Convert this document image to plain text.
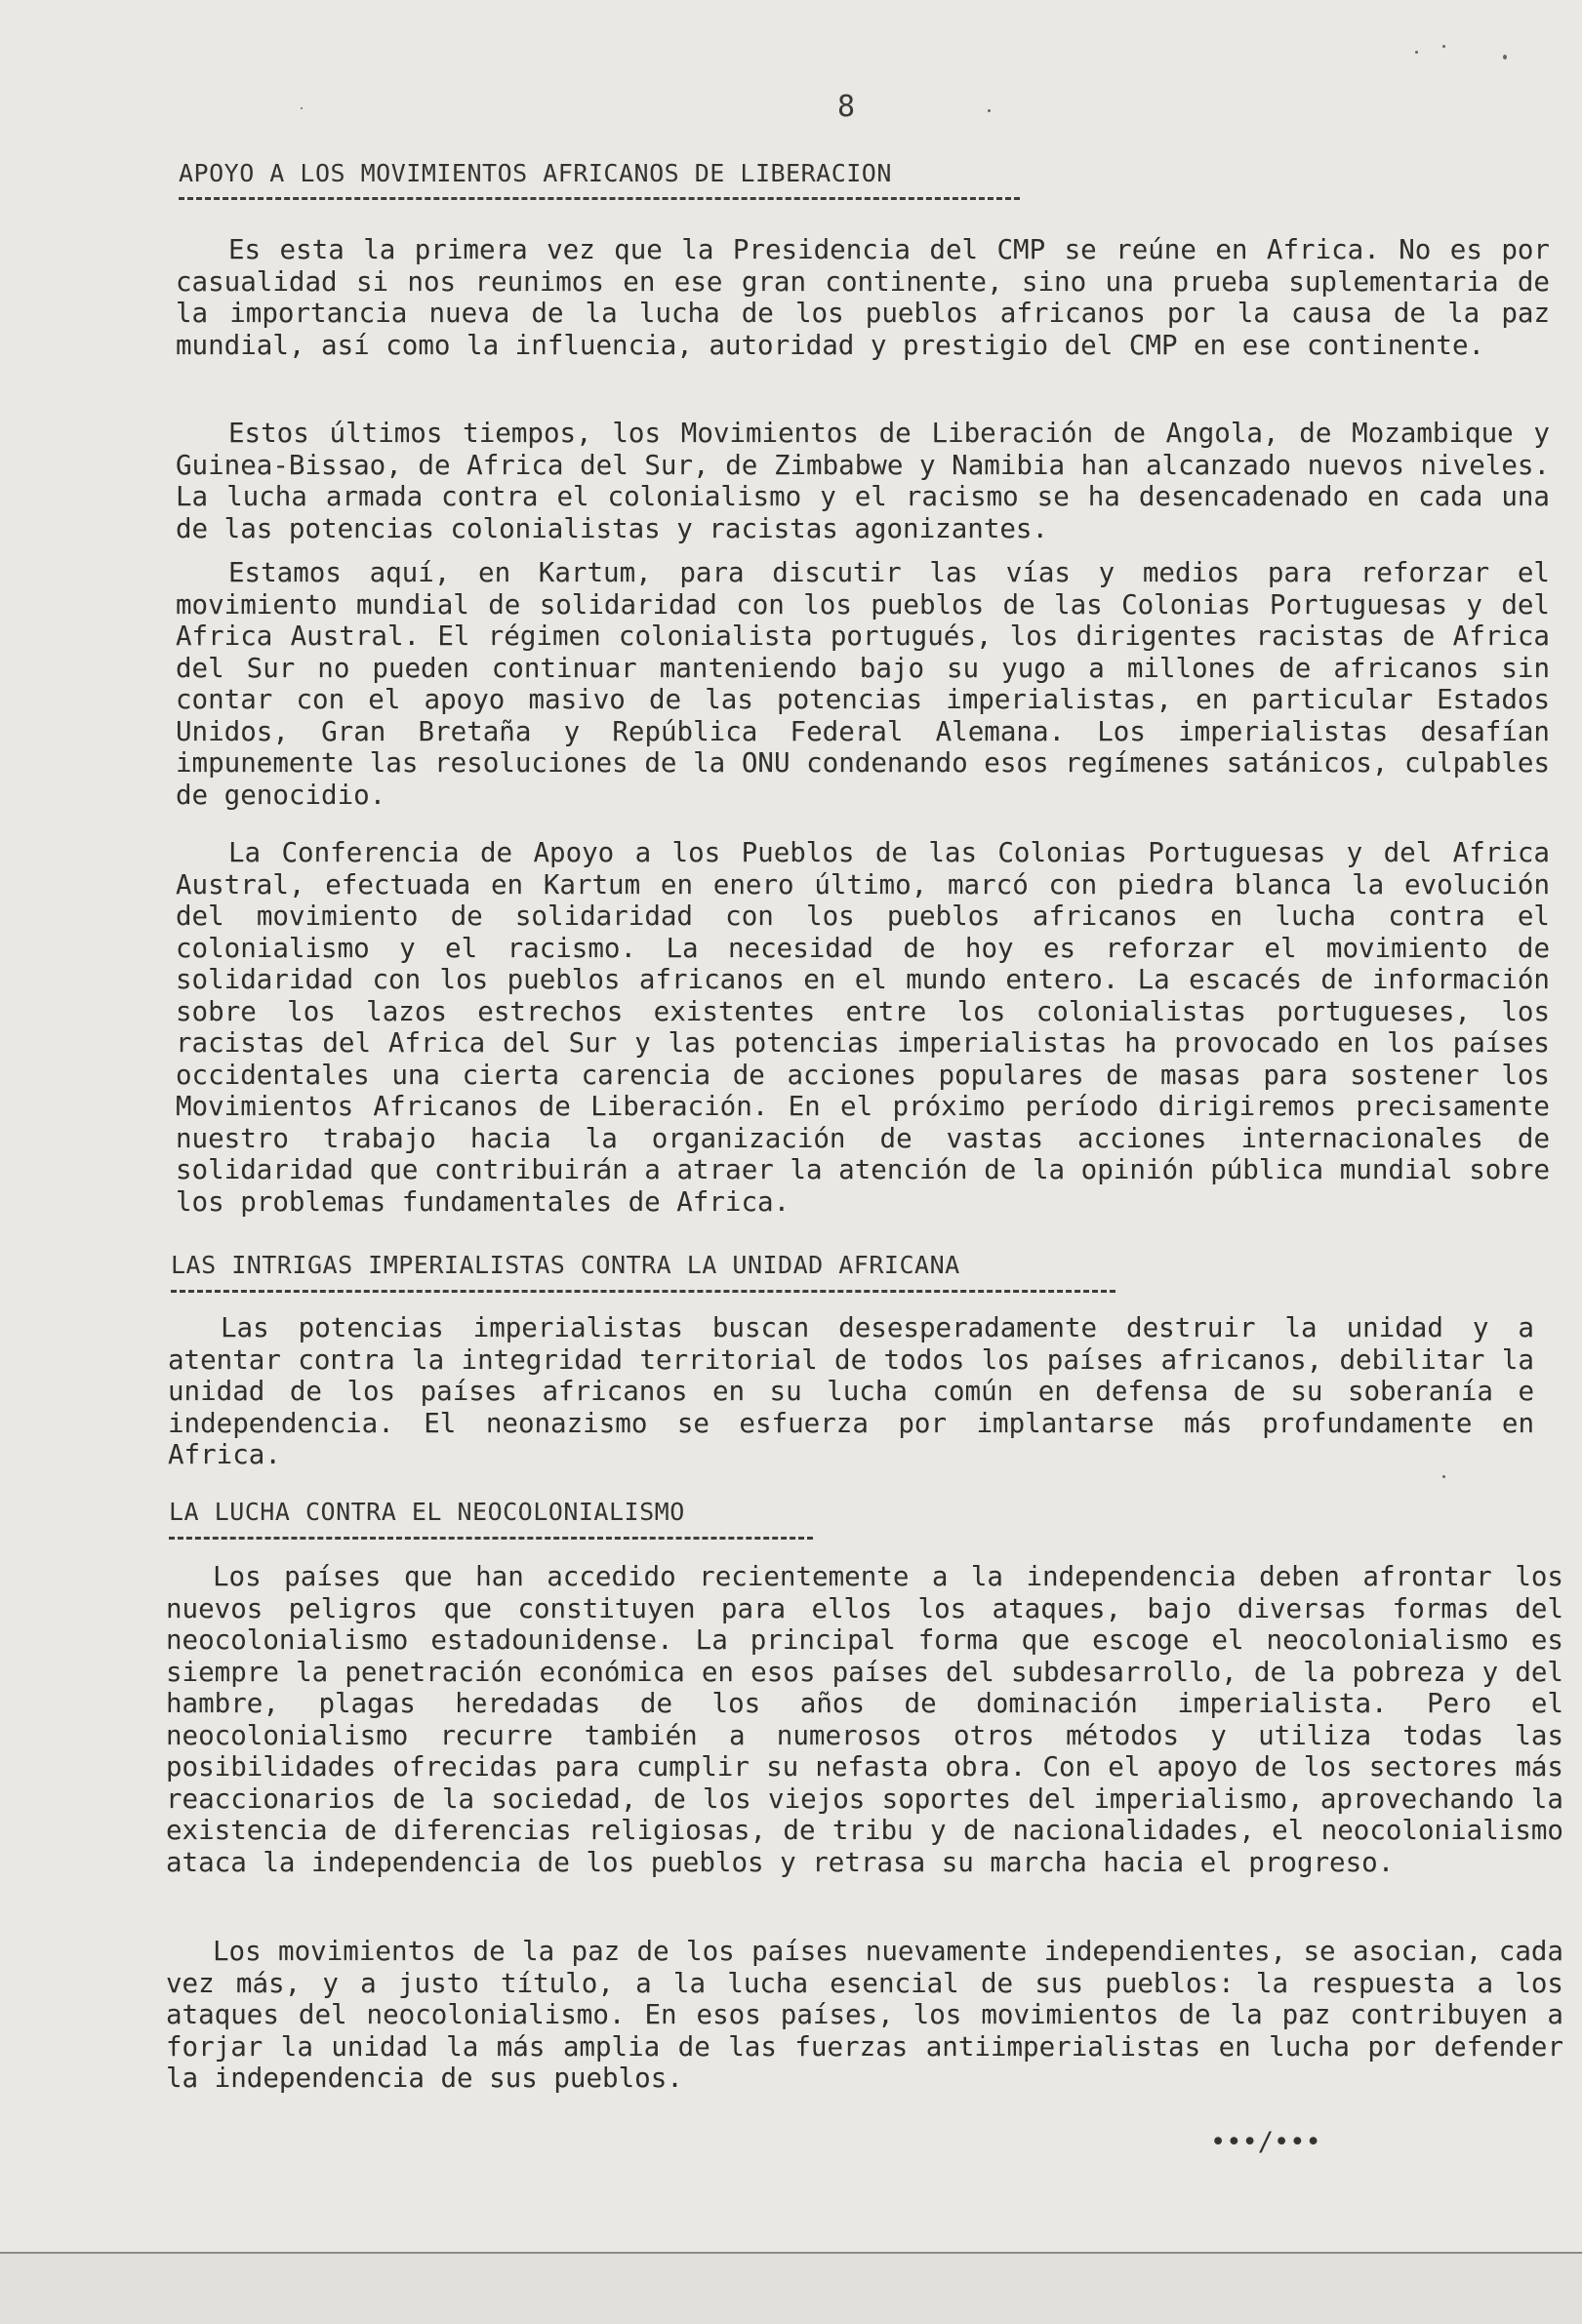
8
APOYO A LOS MOVIMIENTOS AFRICANOS DE LIBERACION

Es esta la primera vez que la Presidencia del CMP se reúne en Africa. No es por casualidad si nos reunimos en ese gran continente, sino una prueba suplementaria de la importancia nueva de la lucha de los pueblos africanos por la causa de la paz mundial, así como la influencia, autoridad y prestigio del CMP en ese continente.

Estos últimos tiempos, los Movimientos de Liberación de Angola, de Mozambique y Guinea-Bissao, de Africa del Sur, de Zimbabwe y Namibia han alcanzado nuevos niveles. La lucha armada contra el colonialismo y el racismo se ha desencadenado en cada una de las potencias colonialistas y racistas agonizantes.

Estamos aquí, en Kartum, para discutir las vías y medios para reforzar el movimiento mundial de solidaridad con los pueblos de las Colonias Portuguesas y del Africa Austral. El régimen colonialista portugués, los dirigentes racistas de Africa del Sur no pueden continuar manteniendo bajo su yugo a millones de africanos sin contar con el apoyo masivo de las potencias imperialistas, en particular Estados Unidos, Gran Bretaña y República Federal Alemana. Los imperialistas desafían impunemente las resoluciones de la ONU condenando esos regímenes satánicos, culpables de genocidio.

La Conferencia de Apoyo a los Pueblos de las Colonias Portuguesas y del Africa Austral, efectuada en Kartum en enero último, marcó con piedra blanca la evolución del movimiento de solidaridad con los pueblos africanos en lucha contra el colonialismo y el racismo. La necesidad de hoy es reforzar el movimiento de solidaridad con los pueblos africanos en el mundo entero. La escacés de información sobre los lazos estrechos existentes entre los colonialistas portugueses, los racistas del Africa del Sur y las potencias imperialistas ha provocado en los países occidentales una cierta carencia de acciones populares de masas para sostener los Movimientos Africanos de Liberación. En el próximo período dirigiremos precisamente nuestro trabajo hacia la organización de vastas acciones internacionales de solidaridad que contribuirán a atraer la atención de la opinión pública mundial sobre los problemas fundamentales de Africa.

LAS INTRIGAS IMPERIALISTAS CONTRA LA UNIDAD AFRICANA

Las potencias imperialistas buscan desesperadamente destruir la unidad y a atentar contra la integridad territorial de todos los países africanos, debilitar la unidad de los países africanos en su lucha común en defensa de su soberanía e independencia. El neonazismo se esfuerza por implantarse más profundamente en Africa.

LA LUCHA CONTRA EL NEOCOLONIALISMO

Los países que han accedido recientemente a la independencia deben afrontar los nuevos peligros que constituyen para ellos los ataques, bajo diversas formas del neocolonialismo estadounidense. La principal forma que escoge el neocolonialismo es siempre la penetración económica en esos países del subdesarrollo, de la pobreza y del hambre, plagas heredadas de los años de dominación imperialista. Pero el neocolonialismo recurre también a numerosos otros métodos y utiliza todas las posibilidades ofrecidas para cumplir su nefasta obra. Con el apoyo de los sectores más reaccionarios de la sociedad, de los viejos soportes del imperialismo, aprovechando la existencia de diferencias religiosas, de tribu y de nacionalidades, el neocolonialismo ataca la independencia de los pueblos y retrasa su marcha hacia el progreso.

Los movimientos de la paz de los países nuevamente independientes, se asocian, cada vez más, y a justo título, a la lucha esencial de sus pueblos: la respuesta a los ataques del neocolonialismo. En esos países, los movimientos de la paz contribuyen a forjar la unidad la más amplia de las fuerzas antiimperialistas en lucha por defender la independencia de sus pueblos.

•••/•••
